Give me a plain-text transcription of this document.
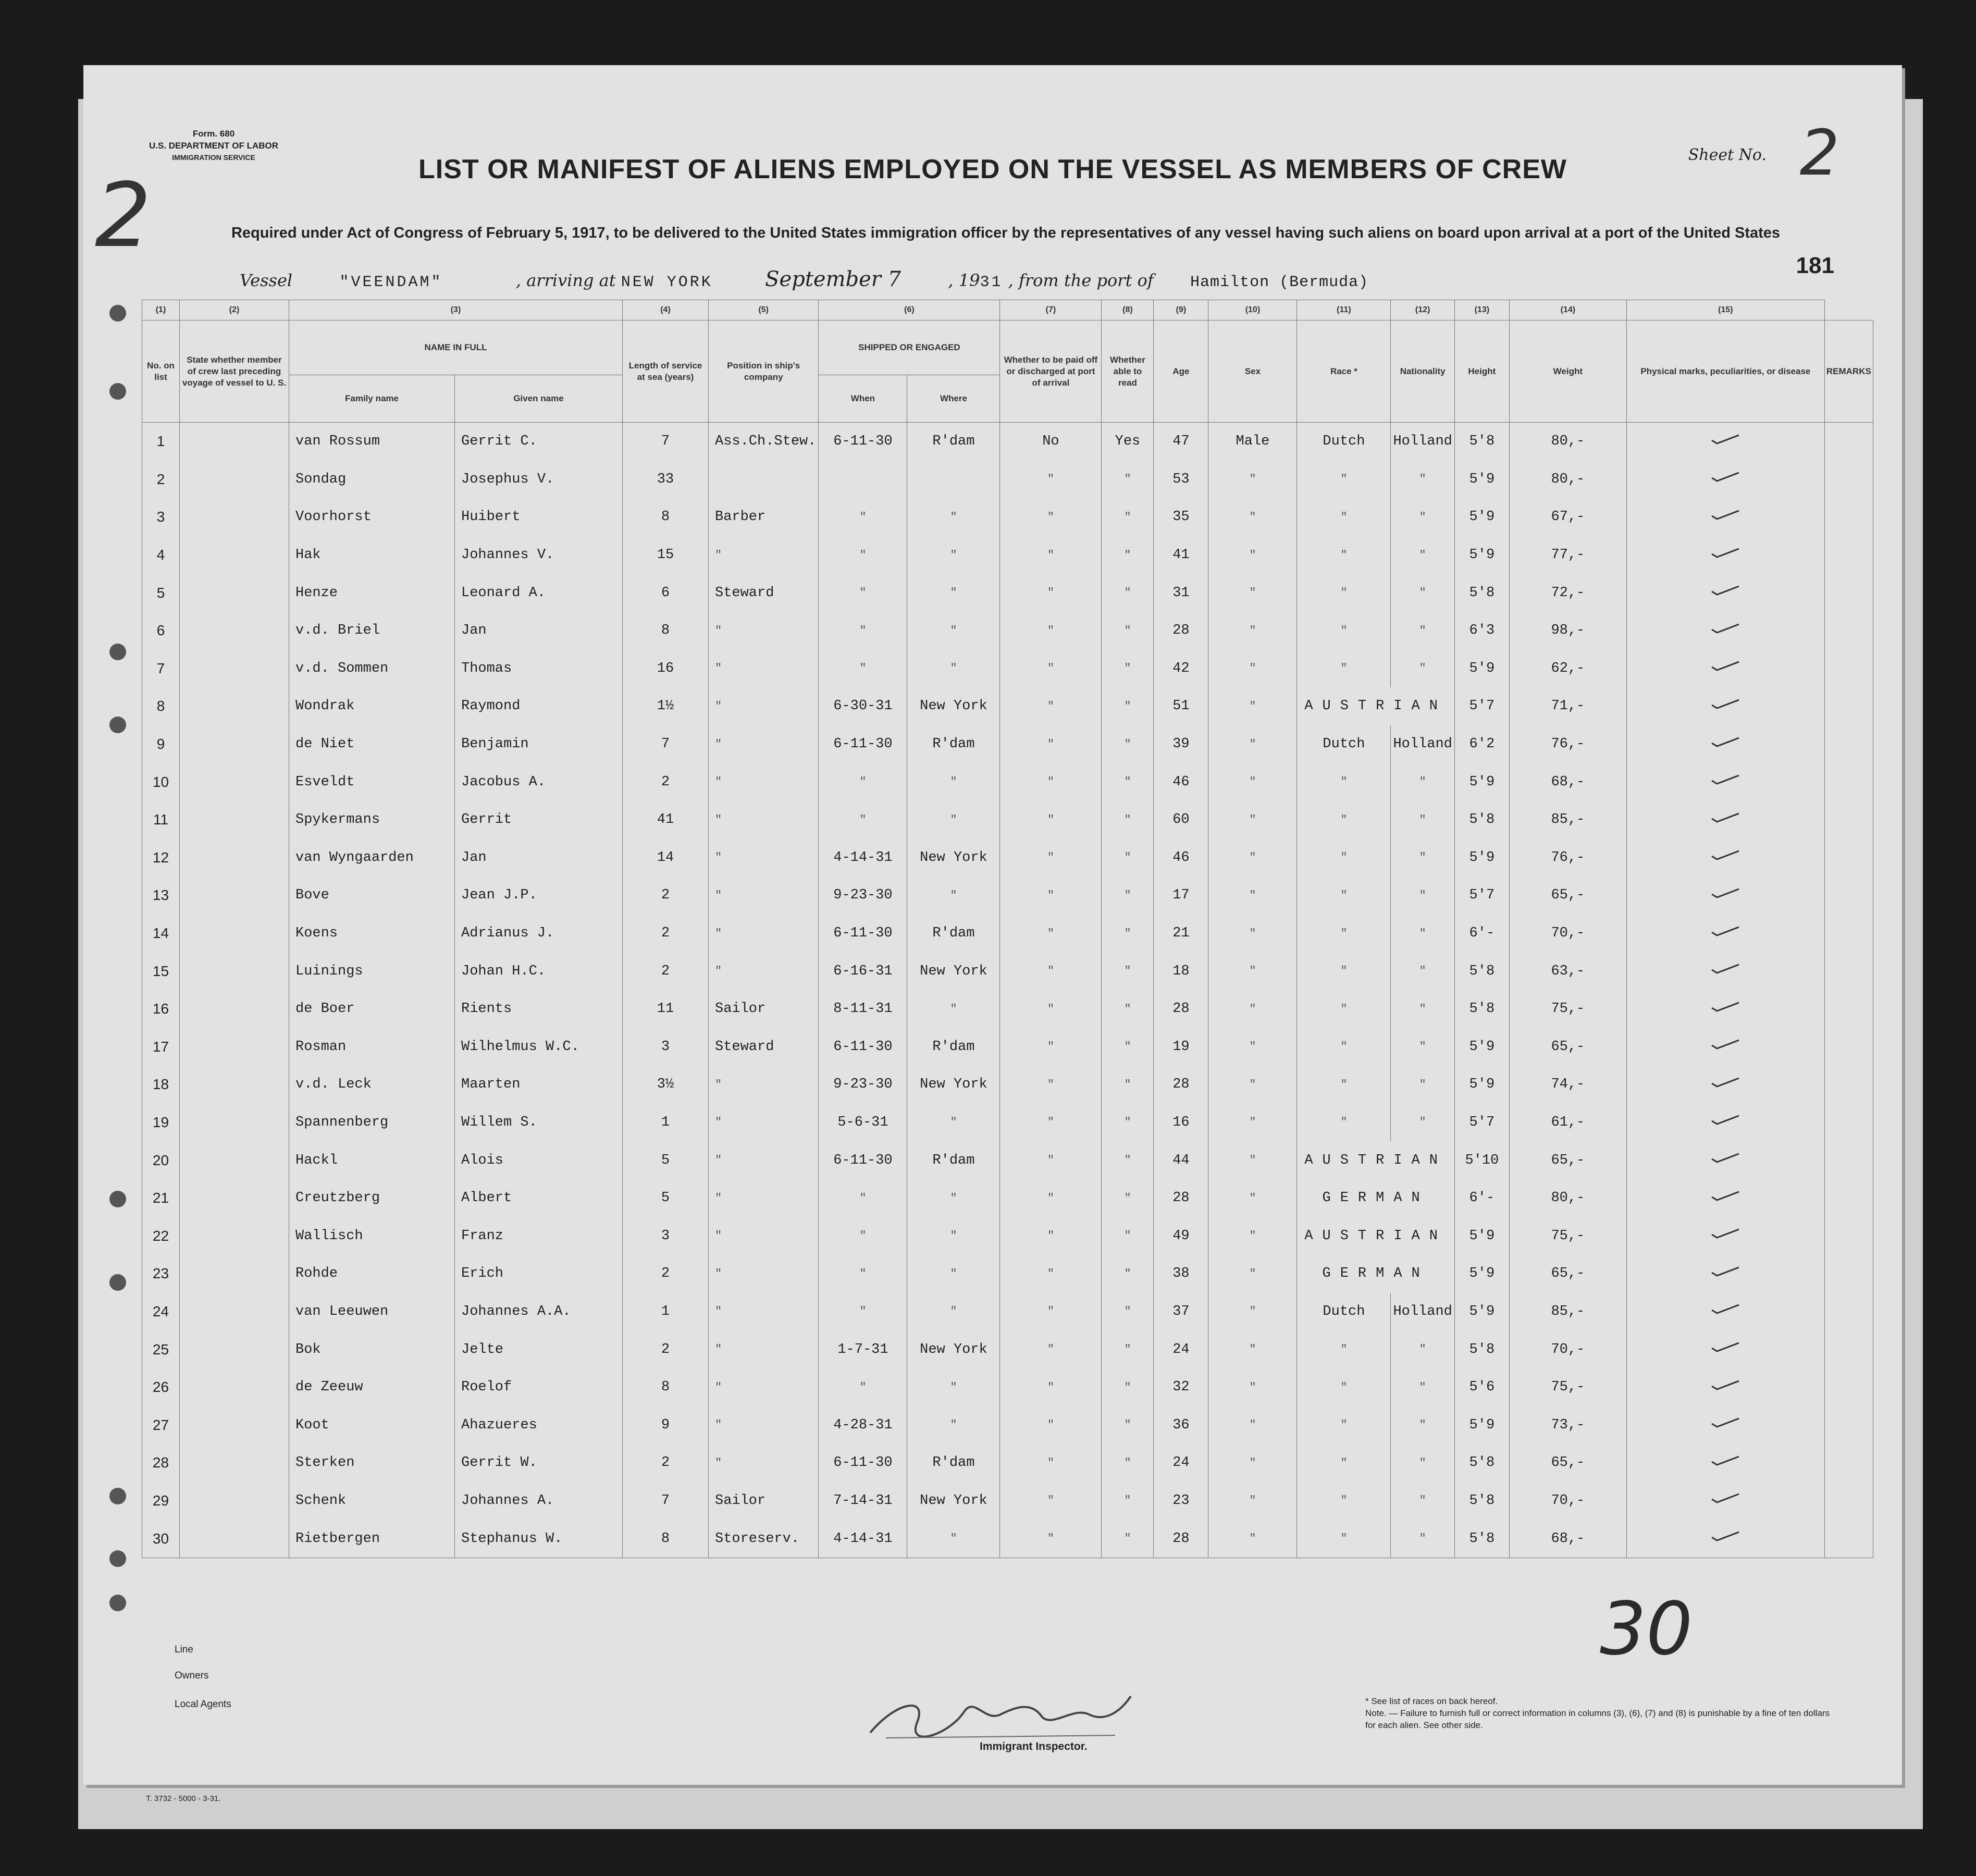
Form. 680
U.S. DEPARTMENT OF LABOR
IMMIGRATION SERVICE
2
Sheet No. 2
LIST OR MANIFEST OF ALIENS EMPLOYED ON THE VESSEL AS MEMBERS OF CREW
Required under Act of Congress of February 5, 1917, to be delivered to the United States immigration officer by the representatives of any vessel having such aliens on board upon arrival at a port of the United States
181
Vessel	"VEENDAM"	, arriving at NEW YORK	September 7	, 1931 , from the port of Hamilton (Bermuda)
(1)	(2)	(3)		(4)	(5)	(6)		(7)	(8)	(9)	(10)	(11)	(12)	(13)	(14)	(15)	
No. on list	State whether member of crew last preceding voyage of vessel to U. S.	NAME IN FULL		Length of service at sea (years)	Position in ship's company	SHIPPED OR ENGAGED		Whether to be paid off or discharged at port of arrival	Whether able to read	Age	Sex	Race *	Nationality	Height	Weight	Physical marks, peculiarities, or disease	REMARKS
		Family name	Given name			When	Where										
1		van Rossum	Gerrit C.	7	Ass.Ch.Stew.	6-11-30	R'dam	No	Yes	47	Male	Dutch	Holland	5'8	80,-		
2		Sondag	Josephus V.	33				"	"	53	"	"	"	5'9	80,-		
3		Voorhorst	Huibert	8	Barber	"	"	"	"	35	"	"	"	5'9	67,-		
4		Hak	Johannes V.	15	"	"	"	"	"	41	"	"	"	5'9	77,-		
5		Henze	Leonard A.	6	Steward	"	"	"	"	31	"	"	"	5'8	72,-		
6		v.d. Briel	Jan	8	"	"	"	"	"	28	"	"	"	6'3	98,-		
7		v.d. Sommen	Thomas	16	"	"	"	"	"	42	"	"	"	5'9	62,-		
8		Wondrak	Raymond	1½	"	6-30-31	New York	"	"	51	"	AUSTRIAN		5'7	71,-		
9		de Niet	Benjamin	7	"	6-11-30	R'dam	"	"	39	"	Dutch	Holland	6'2	76,-		
10		Esveldt	Jacobus A.	2	"	"	"	"	"	46	"	"	"	5'9	68,-		
11		Spykermans	Gerrit	41	"	"	"	"	"	60	"	"	"	5'8	85,-		
12		van Wyngaarden	Jan	14	"	4-14-31	New York	"	"	46	"	"	"	5'9	76,-		
13		Bove	Jean J.P.	2	"	9-23-30	"	"	"	17	"	"	"	5'7	65,-		
14		Koens	Adrianus J.	2	"	6-11-30	R'dam	"	"	21	"	"	"	6'-	70,-		
15		Luinings	Johan H.C.	2	"	6-16-31	New York	"	"	18	"	"	"	5'8	63,-		
16		de Boer	Rients	11	Sailor	8-11-31	"	"	"	28	"	"	"	5'8	75,-		
17		Rosman	Wilhelmus W.C.	3	Steward	6-11-30	R'dam	"	"	19	"	"	"	5'9	65,-		
18		v.d. Leck	Maarten	3½	"	9-23-30	New York	"	"	28	"	"	"	5'9	74,-		
19		Spannenberg	Willem S.	1	"	5-6-31	"	"	"	16	"	"	"	5'7	61,-		
20		Hackl	Alois	5	"	6-11-30	R'dam	"	"	44	"	AUSTRIAN		5'10	65,-		
21		Creutzberg	Albert	5	"	"	"	"	"	28	"	GERMAN		6'-	80,-		
22		Wallisch	Franz	3	"	"	"	"	"	49	"	AUSTRIAN		5'9	75,-		
23		Rohde	Erich	2	"	"	"	"	"	38	"	GERMAN		5'9	65,-		
24		van Leeuwen	Johannes A.A.	1	"	"	"	"	"	37	"	Dutch	Holland	5'9	85,-		
25		Bok	Jelte	2	"	1-7-31	New York	"	"	24	"	"	"	5'8	70,-		
26		de Zeeuw	Roelof	8	"	"	"	"	"	32	"	"	"	5'6	75,-		
27		Koot	Ahazueres	9	"	4-28-31	"	"	"	36	"	"	"	5'9	73,-		
28		Sterken	Gerrit W.	2	"	6-11-30	R'dam	"	"	24	"	"	"	5'8	65,-		
29		Schenk	Johannes A.	7	Sailor	7-14-31	New York	"	"	23	"	"	"	5'8	70,-		
30		Rietbergen	Stephanus W.	8	Storeserv.	4-14-31	"	"	"	28	"	"	"	5'8	68,-		
Line
Owners
Local Agents
Immigrant Inspector.
* See list of races on back hereof.
Note. — Failure to furnish full or correct information in columns (3), (6), (7) and (8) is punishable by a fine of ten dollars for each alien. See other side.
30
T. 3732 - 5000 - 3-31.
